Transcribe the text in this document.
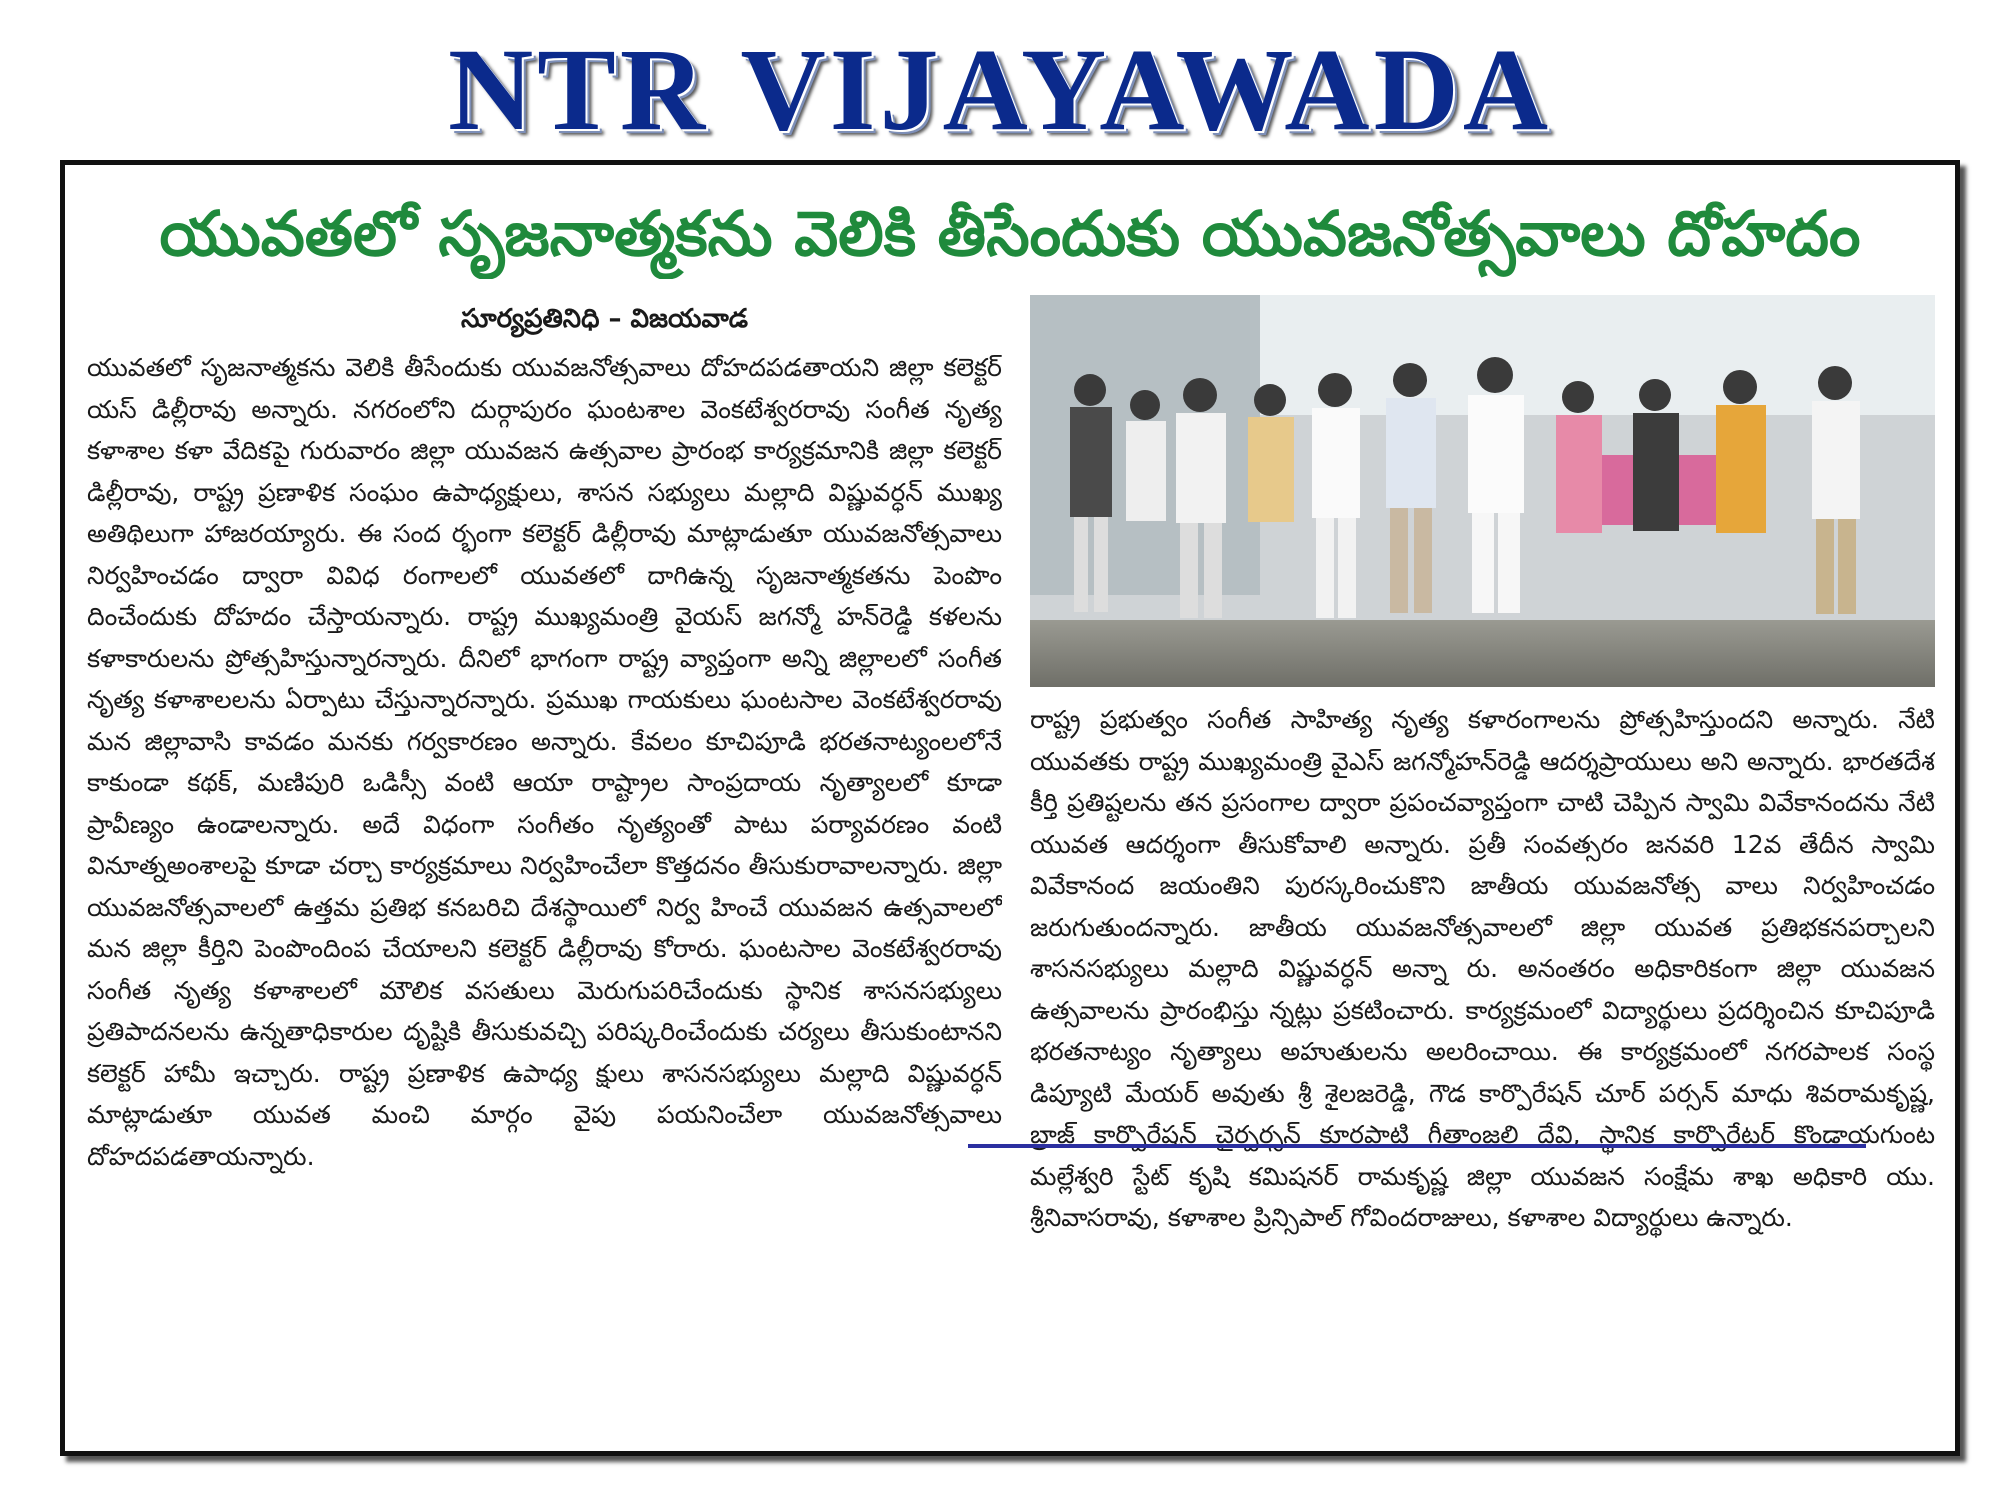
NTR VIJAYAWADA
యువతలో సృజనాత్మకను వెలికి తీసేందుకు యువజనోత్సవాలు దోహదం
సూర్యప్రతినిధి – విజయవాడ

యువతలో సృజనాత్మకను వెలికి తీసేందుకు యువజనోత్సవాలు దోహదపడతాయని జిల్లా కలెక్టర్ యస్ డిల్లీరావు అన్నారు. నగరంలోని దుర్గాపురం ఘంటశాల వెంకటేశ్వరరావు సంగీత నృత్య కళాశాల కళా వేదికపై గురువారం జిల్లా యువజన ఉత్సవాల ప్రారంభ కార్యక్రమానికి జిల్లా కలెక్టర్ డిల్లీరావు, రాష్ట్ర ప్రణాళిక సంఘం ఉపాధ్యక్షులు, శాసన సభ్యులు మల్లాది విష్ణువర్ధన్ ముఖ్య అతిథిలుగా హాజరయ్యారు. ఈ సంద ర్భంగా కలెక్టర్ డిల్లీరావు మాట్లాడుతూ యువజనోత్సవాలు నిర్వహించడం ద్వారా వివిధ రంగాలలో యువతలో దాగిఉన్న సృజనాత్మకతను పెంపొం దించేందుకు దోహదం చేస్తాయన్నారు. రాష్ట్ర ముఖ్యమంత్రి వైయస్ జగన్మో హన్‌రెడ్డి కళలను కళాకారులను ప్రోత్సహిస్తున్నారన్నారు. దీనిలో భాగంగా రాష్ట్ర వ్యాప్తంగా అన్ని జిల్లాలలో సంగీత నృత్య కళాశాలలను ఏర్పాటు చేస్తున్నారన్నారు. ప్రముఖ గాయకులు ఘంటసాల వెంకటేశ్వరరావు మన జిల్లావాసి కావడం మనకు గర్వకారణం అన్నారు. కేవలం కూచిపూడి భరతనాట్యంలలోనే కాకుండా కథక్, మణిపురి ఒడిస్సీ వంటి ఆయా రాష్ట్రాల సాంప్రదాయ నృత్యాలలో కూడా ప్రావీణ్యం ఉండాలన్నారు. అదే విధంగా సంగీతం నృత్యంతో పాటు పర్యావరణం వంటి వినూత్నఅంశాలపై కూడా చర్చా కార్యక్రమాలు నిర్వహించేలా కొత్తదనం తీసుకురావాలన్నారు. జిల్లా యువజనోత్సవాలలో ఉత్తమ ప్రతిభ కనబరిచి దేశస్థాయిలో నిర్వ హించే యువజన ఉత్సవాలలో మన జిల్లా కీర్తిని పెంపొందింప చేయాలని కలెక్టర్ డిల్లీరావు కోరారు. ఘంటసాల వెంకటేశ్వరరావు సంగీత నృత్య కళాశాలలో మౌలిక వసతులు మెరుగుపరిచేందుకు స్థానిక శాసనసభ్యులు ప్రతిపాదనలను ఉన్నతాధికారుల దృష్టికి తీసుకువచ్చి పరిష్కరించేందుకు చర్యలు తీసుకుంటానని కలెక్టర్ హామీ ఇచ్చారు. రాష్ట్ర ప్రణాళిక ఉపాధ్య క్షులు శాసనసభ్యులు మల్లాది విష్ణువర్ధన్ మాట్లాడుతూ యువత మంచి మార్గం వైపు పయనించేలా యువజనోత్సవాలు దోహదపడతాయన్నారు.

రాష్ట్ర ప్రభుత్వం సంగీత సాహిత్య నృత్య కళారంగాలను ప్రోత్సహిస్తుందని అన్నారు. నేటి యువతకు రాష్ట్ర ముఖ్యమంత్రి వైఎస్ జగన్మోహన్‌రెడ్డి ఆదర్శప్రాయులు అని అన్నారు. భారతదేశ కీర్తి ప్రతిష్టలను తన ప్రసంగాల ద్వారా ప్రపంచవ్యాప్తంగా చాటి చెప్పిన స్వామి వివేకానందను నేటి యువత ఆదర్శంగా తీసుకోవాలి అన్నారు. ప్రతీ సంవత్సరం జనవరి 12వ తేదీన స్వామి వివేకానంద జయంతిని పురస్కరించుకొని జాతీయ యువజనోత్స వాలు నిర్వహించడం జరుగుతుందన్నారు. జాతీయ యువజనోత్సవాలలో జిల్లా యువత ప్రతిభకనపర్చాలని శాసనసభ్యులు మల్లాది విష్ణువర్ధన్ అన్నా రు. అనంతరం అధికారికంగా జిల్లా యువజన ఉత్సవాలను ప్రారంభిస్తు న్నట్లు ప్రకటించారు. కార్యక్రమంలో విద్యార్థులు ప్రదర్శించిన కూచిపూడి భరతనాట్యం నృత్యాలు అహుతులను అలరించాయి. ఈ కార్యక్రమంలో నగరపాలక సంస్థ డిప్యూటి మేయర్ అవుతు శ్రీ శైలజరెడ్డి, గౌడ కార్పొరేషన్ చూర్ పర్సన్ మాధు శివరామకృష్ణ, బ్రాజ్ కార్పొరేషన్ చైర్పర్సన్ కూరపాటి గీతాంజలి దేవి, స్థానిక కార్పొరేటర్ కొండాయగుంట మల్లేశ్వరి స్టేట్ కృషి కమిషనర్ రామకృష్ణ జిల్లా యువజన సంక్షేమ శాఖ అధికారి యు. శ్రీనివాసరావు, కళాశాల ప్రిన్సిపాల్ గోవిందరాజులు, కళాశాల విద్యార్థులు ఉన్నారు.
